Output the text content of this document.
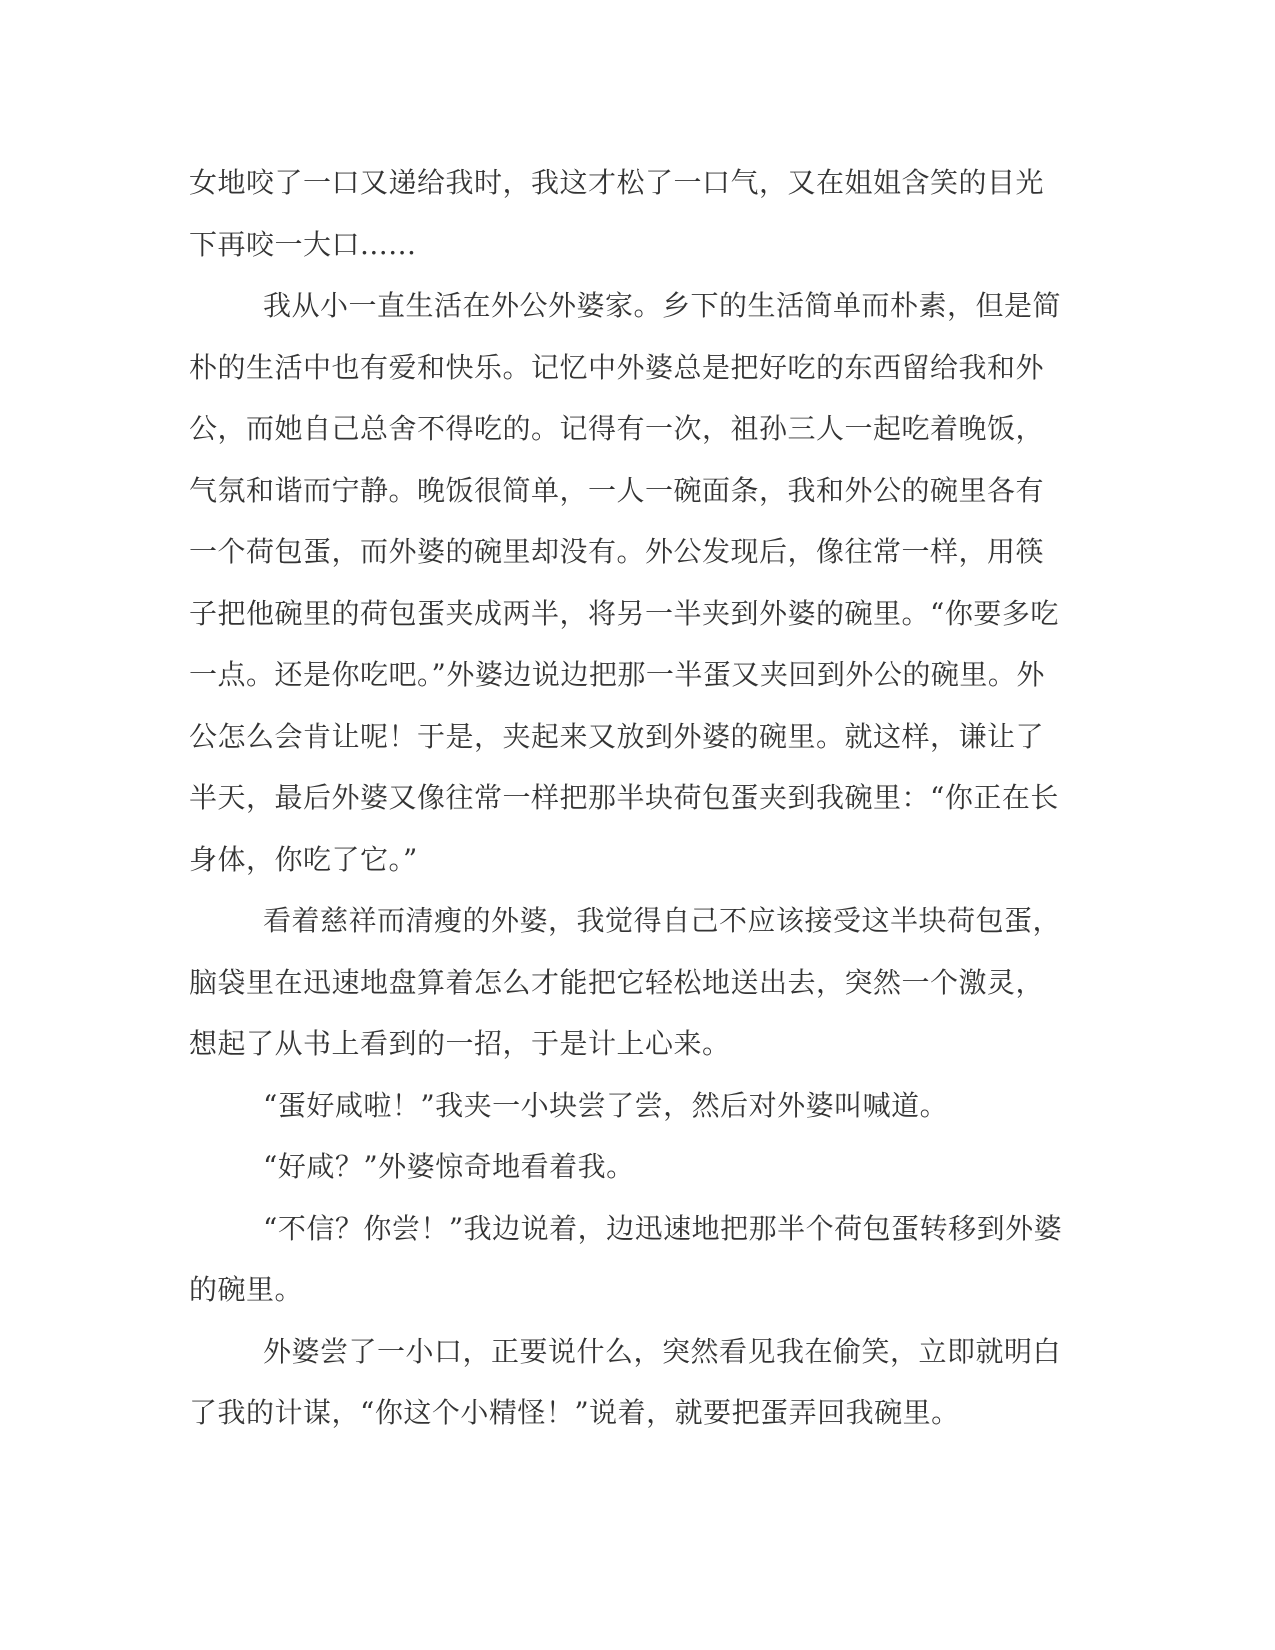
女地咬了一口又递给我时，我这才松了一口气，又在姐姐含笑的目光
下再咬一大口......
我从小一直生活在外公外婆家。乡下的生活简单而朴素，但是简
朴的生活中也有爱和快乐。记忆中外婆总是把好吃的东西留给我和外
公，而她自己总舍不得吃的。记得有一次，祖孙三人一起吃着晚饭，
气氛和谐而宁静。晚饭很简单，一人一碗面条，我和外公的碗里各有
一个荷包蛋，而外婆的碗里却没有。外公发现后，像往常一样，用筷
子把他碗里的荷包蛋夹成两半，将另一半夹到外婆的碗里。“你要多吃
一点。还是你吃吧。”外婆边说边把那一半蛋又夹回到外公的碗里。外
公怎么会肯让呢！于是，夹起来又放到外婆的碗里。就这样，谦让了
半天，最后外婆又像往常一样把那半块荷包蛋夹到我碗里：“你正在长
身体，你吃了它。”
看着慈祥而清瘦的外婆，我觉得自己不应该接受这半块荷包蛋，
脑袋里在迅速地盘算着怎么才能把它轻松地送出去，突然一个激灵，
想起了从书上看到的一招，于是计上心来。
“蛋好咸啦！”我夹一小块尝了尝，然后对外婆叫喊道。
“好咸？”外婆惊奇地看着我。
“不信？你尝！”我边说着，边迅速地把那半个荷包蛋转移到外婆
的碗里。
外婆尝了一小口，正要说什么，突然看见我在偷笑，立即就明白
了我的计谋，“你这个小精怪！”说着，就要把蛋弄回我碗里。
